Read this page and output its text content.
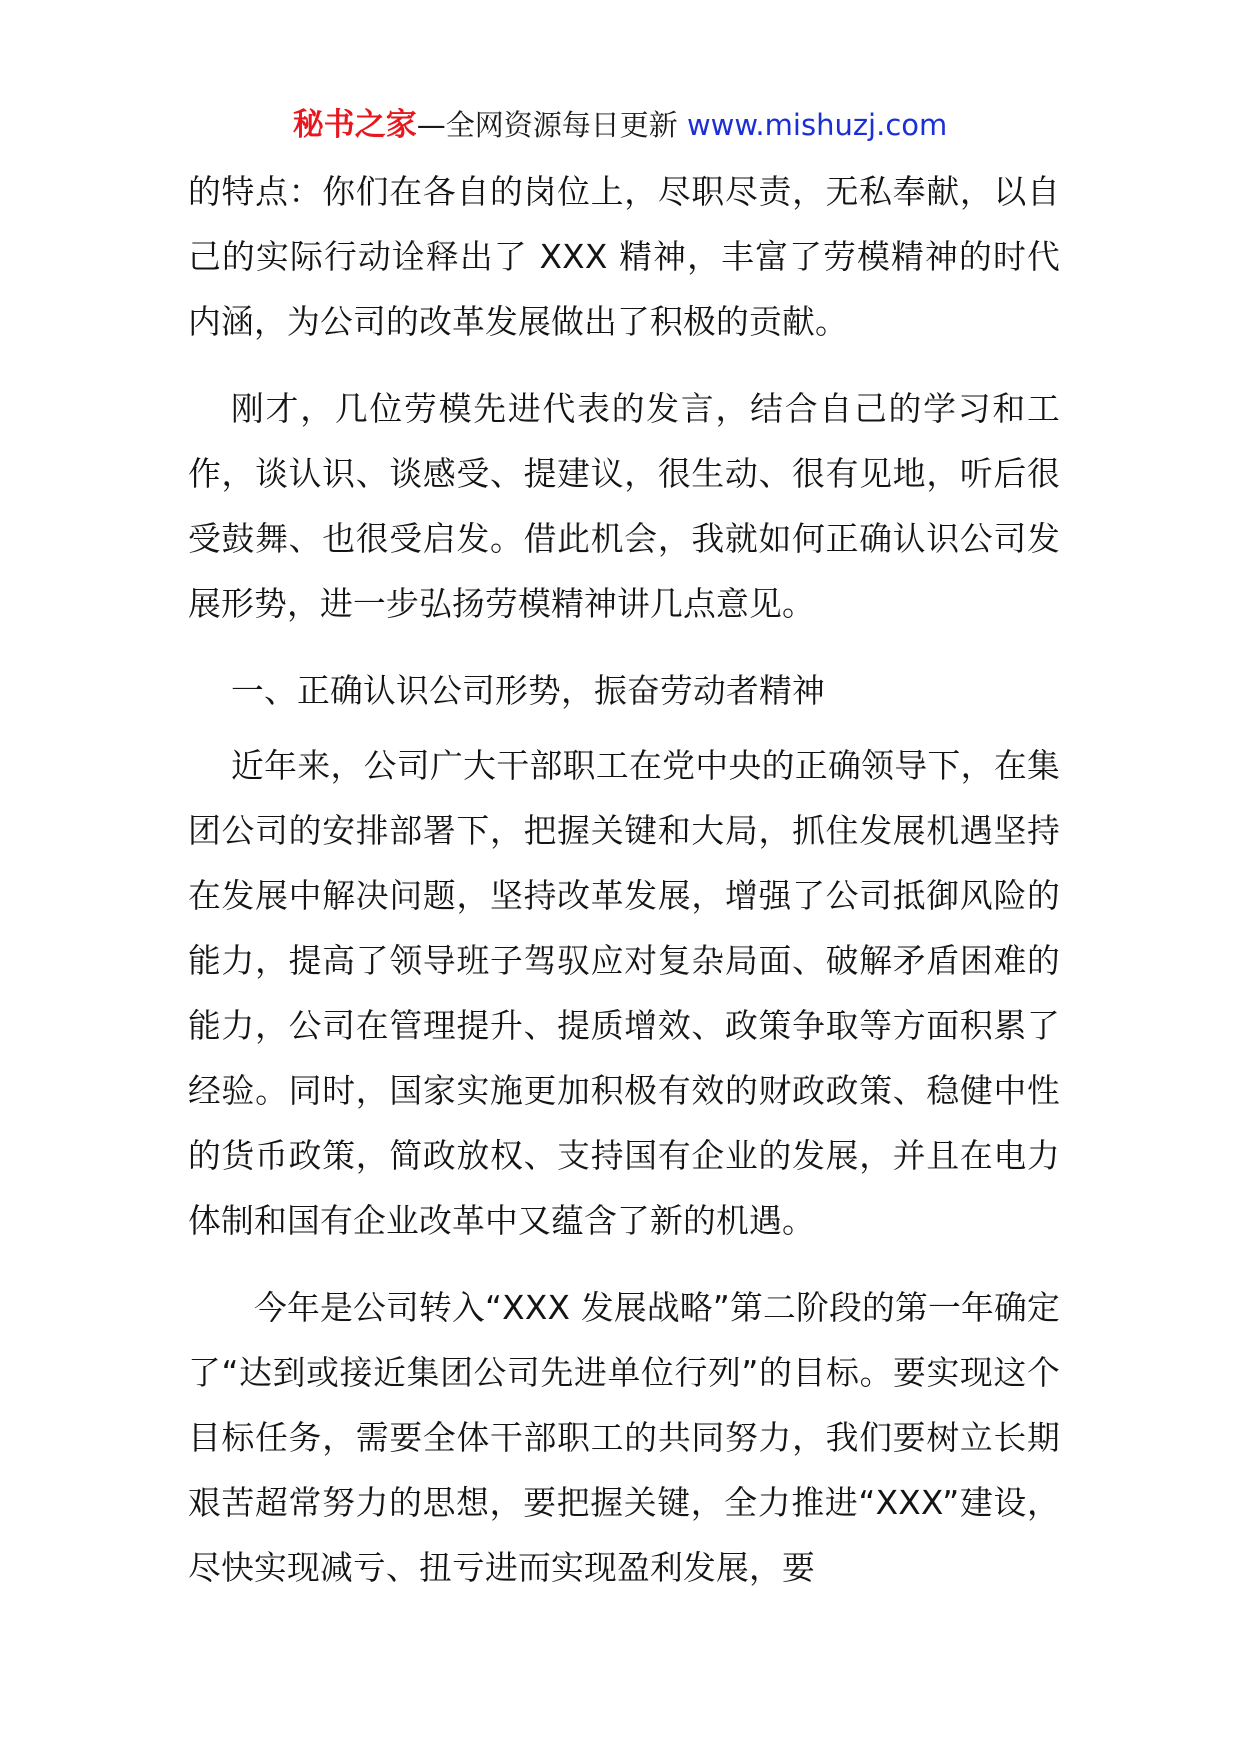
秘书之家—全网资源每日更新 www.mishuzj.com

的特点：你们在各自的岗位上，尽职尽责，无私奉献，以自己的实际行动诠释出了 XXX 精神，丰富了劳模精神的时代内涵，为公司的改革发展做出了积极的贡献。

刚才，几位劳模先进代表的发言，结合自己的学习和工作，谈认识、谈感受、提建议，很生动、很有见地，听后很受鼓舞、也很受启发。借此机会，我就如何正确认识公司发展形势，进一步弘扬劳模精神讲几点意见。

一、正确认识公司形势，振奋劳动者精神

近年来，公司广大干部职工在党中央的正确领导下，在集团公司的安排部署下，把握关键和大局，抓住发展机遇坚持在发展中解决问题，坚持改革发展，增强了公司抵御风险的能力，提高了领导班子驾驭应对复杂局面、破解矛盾困难的能力，公司在管理提升、提质增效、政策争取等方面积累了经验。同时，国家实施更加积极有效的财政政策、稳健中性的货币政策，简政放权、支持国有企业的发展，并且在电力体制和国有企业改革中又蕴含了新的机遇。

今年是公司转入“XXX 发展战略”第二阶段的第一年确定了“达到或接近集团公司先进单位行列”的目标。要实现这个目标任务，需要全体干部职工的共同努力，我们要树立长期艰苦超常努力的思想，要把握关键，全力推进“XXX”建设，尽快实现减亏、扭亏进而实现盈利发展，要
